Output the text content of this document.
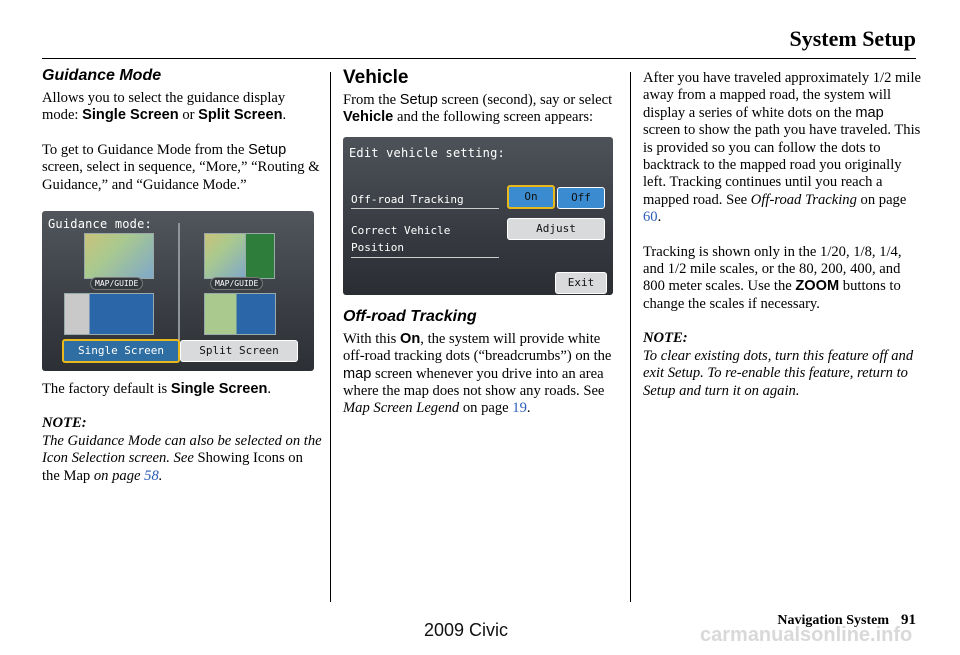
System Setup
Guidance Mode

Allows you to select the guidance display mode: Single Screen or Split Screen.

To get to Guidance Mode from the Setup screen, select in sequence, “More,” “Routing & Guidance,” and “Guidance Mode.”

Guidance mode:
MAP/GUIDE	MAP/GUIDE
Single Screen	Split Screen

The factory default is Single Screen.

NOTE:

The Guidance Mode can also be selected on the Icon Selection screen. See Showing Icons on the Map on page 58.

Vehicle

From the Setup screen (second), say or select Vehicle and the following screen appears:

Edit vehicle setting:
Off-road Tracking
Correct Vehicle Position
On	Off
Adjust
Exit
Off-road Tracking

With this On, the system will provide white off-road tracking dots (“breadcrumbs”) on the map screen whenever you drive into an area where the map does not show any roads. See Map Screen Legend on page 19.

After you have traveled approximately 1/2 mile away from a mapped road, the system will display a series of white dots on the map screen to show the path you have traveled. This is provided so you can follow the dots to backtrack to the mapped road you originally left. Tracking continues until you reach a mapped road. See Off-road Tracking on page 60.

Tracking is shown only in the 1/20, 1/8, 1/4, and 1/2 mile scales, or the 80, 200, 400, and 800 meter scales. Use the ZOOM buttons to change the scales if necessary.

NOTE:

To clear existing dots, turn this feature off and exit Setup. To re-enable this feature, return to Setup and turn it on again.

Navigation System 91
2009 Civic	carmanualsonline.info
